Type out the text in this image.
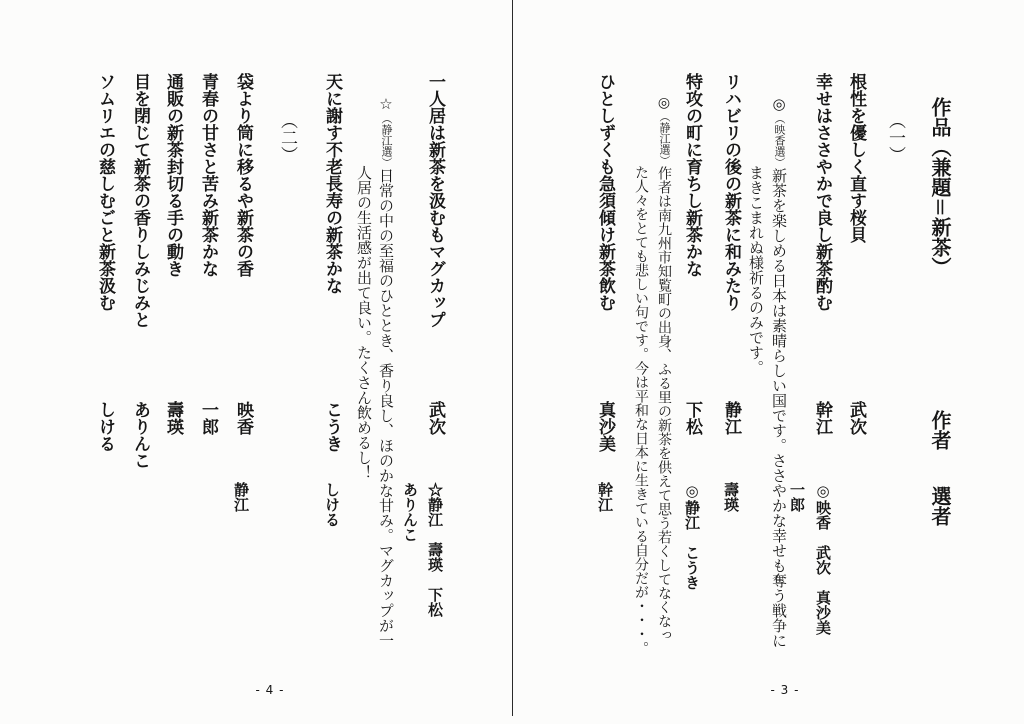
一人居は新茶を汲むもマグカップ
武次
☆静江　壽瑛　下松
ありんこ
☆（静江選）日常の中の至福のひととき、香り良し、ほのかな甘み。マグカップが一
人居の生活感が出て良い。たくさん飲めるし！
天に謝す不老長寿の新茶かな
こうき
しける
（二）
袋より筒に移るや新茶の香
映香
静江
青春の甘さと苦み新茶かな
一郎
通販の新茶封切る手の動き
壽瑛
目を閉じて新茶の香りしみじみと
ありんこ
ソムリエの慈しむごと新茶汲む
しける
- 4 -
作品（兼題＝新茶）
作者
選者
（一）
根性を優しく直す桜貝
武次
幸せはささやかで良し新茶酌む
幹江
◎映香　武次　真沙美
一郎
◎（映香選）新茶を楽しめる日本は素晴らしい国です。ささやかな幸せも奪う戦争に
まきこまれぬ様祈るのみです。
リハビリの後の新茶に和みたり
静江
壽瑛
特攻の町に育ちし新茶かな
下松
◎静江　こうき
◎（静江選）作者は南九州市知覧町の出身、ふる里の新茶を供えて思う若くしてなくなっ
た人々をとても悲しい句です。今は平和な日本に生きている自分だが・・・。
ひとしずくも急須傾け新茶飲む
真沙美
幹江
- 3 -
